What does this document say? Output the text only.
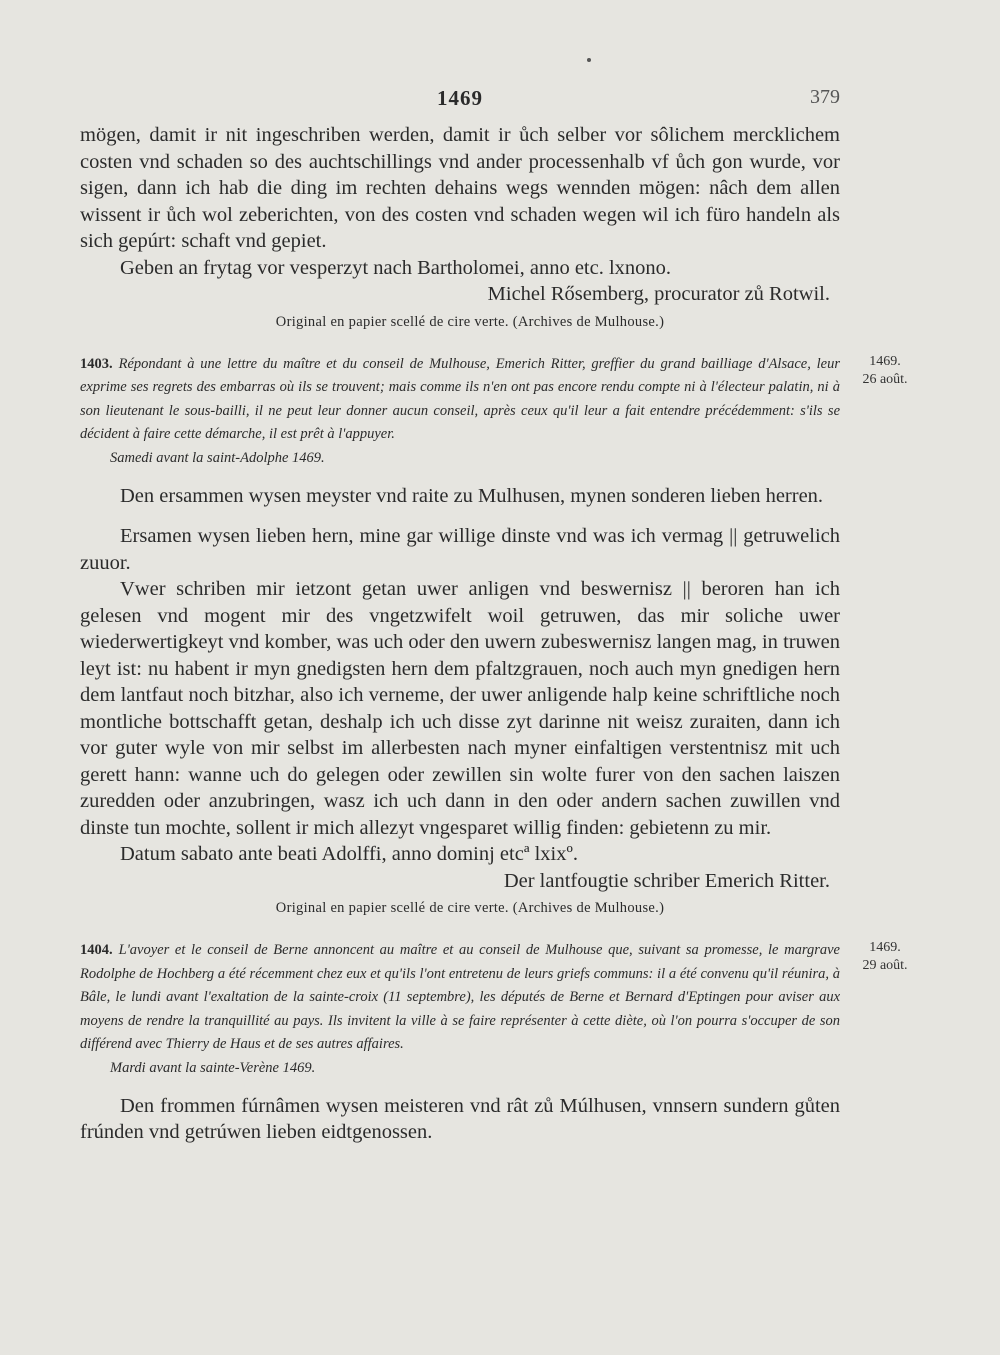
1469	379

mögen, damit ir nit ingeschriben werden, damit ir ůch selber vor sôlichem mercklichem costen vnd schaden so des auchtschillings vnd ander processenhalb vf ůch gon wurde, vor sigen, dann ich hab die ding im rechten dehains wegs wennden mögen: nâch dem allen wissent ir ůch wol zeberichten, von des costen vnd schaden wegen wil ich füro handeln als sich gepúrt: schaft vnd gepiet.

Geben an frytag vor vesperzyt nach Bartholomei, anno etc. lxnono.

Michel Rősemberg, procurator zů Rotwil.

Original en papier scellé de cire verte. (Archives de Mulhouse.)

1469.
26 août.
1403. Répondant à une lettre du maître et du conseil de Mulhouse, Emerich Ritter, greffier du grand bailliage d'Alsace, leur exprime ses regrets des embarras où ils se trouvent; mais comme ils n'en ont pas encore rendu compte ni à l'électeur palatin, ni à son lieutenant le sous-bailli, il ne peut leur donner aucun conseil, après ceux qu'il leur a fait entendre précédemment: s'ils se décident à faire cette démarche, il est prêt à l'appuyer.

Samedi avant la saint-Adolphe 1469.

Den ersammen wysen meyster vnd raite zu Mulhusen, mynen sonderen lieben herren.

Ersamen wysen lieben hern, mine gar willige dinste vnd was ich vermag || getruwelich zuuor.

Vwer schriben mir ietzont getan uwer anligen vnd beswernisz || beroren han ich gelesen vnd mogent mir des vngetzwifelt woil getruwen, das mir soliche uwer wiederwertigkeyt vnd komber, was uch oder den uwern zubeswernisz langen mag, in truwen leyt ist: nu habent ir myn gnedigsten hern dem pfaltzgrauen, noch auch myn gnedigen hern dem lantfaut noch bitzhar, also ich verneme, der uwer anligende halp keine schriftliche noch montliche bottschafft getan, deshalp ich uch disse zyt darinne nit weisz zuraiten, dann ich vor guter wyle von mir selbst im allerbesten nach myner einfaltigen verstentnisz mit uch gerett hann: wanne uch do gelegen oder zewillen sin wolte furer von den sachen laiszen zuredden oder anzubringen, wasz ich uch dann in den oder andern sachen zuwillen vnd dinste tun mochte, sollent ir mich allezyt vngesparet willig finden: gebietenn zu mir.

Datum sabato ante beati Adolffi, anno dominj etcª lxixº.

Der lantfougtie schriber Emerich Ritter.

Original en papier scellé de cire verte. (Archives de Mulhouse.)

1469.
29 août.
1404. L'avoyer et le conseil de Berne annoncent au maître et au conseil de Mulhouse que, suivant sa promesse, le margrave Rodolphe de Hochberg a été récemment chez eux et qu'ils l'ont entretenu de leurs griefs communs: il a été convenu qu'il réunira, à Bâle, le lundi avant l'exaltation de la sainte-croix (11 septembre), les députés de Berne et Bernard d'Eptingen pour aviser aux moyens de rendre la tranquillité au pays. Ils invitent la ville à se faire représenter à cette diète, où l'on pourra s'occuper de son différend avec Thierry de Haus et de ses autres affaires.

Mardi avant la sainte-Verène 1469.

Den frommen fúrnâmen wysen meisteren vnd rât zů Múlhusen, vnnsern sundern gůten frúnden vnd getrúwen lieben eidtgenossen.
